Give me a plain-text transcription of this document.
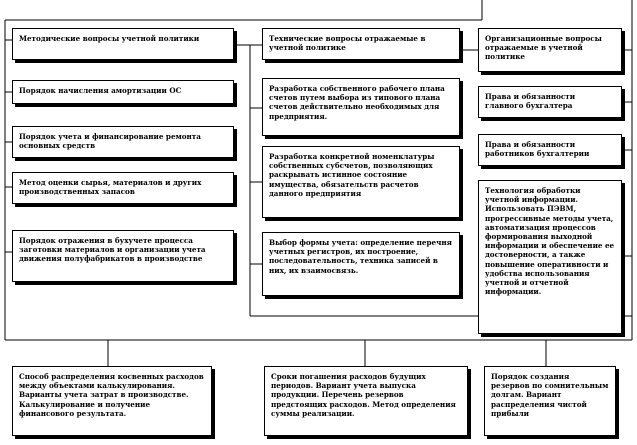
Методические вопросы учетной политики
Порядок начисления амортизации ОС
Порядок учета и финансирование ремонта основных средств
Метод оценки сырья, материалов и других производственных запасов
Порядок отражения в бухучете процесса заготовки материалов и организации учета движения полуфабрикатов в производстве
Технические вопросы отражаемые в учетной политике
Разработка собственного рабочего плана счетов путем выбора из типового плана счетов действительно необходимых для предприятия.
Разработка конкретной номенклатуры собственных субсчетов, позволяющих раскрывать истинное состояние имущества, обязательств расчетов данного предприятия
Выбор формы учета: определение перечня учетных регистров, их построение, последовательность, техника записей в них, их взаимосвязь.
Организационные вопросы отражаемые в учетной политике
Права и обязанности главного бухгалтера
Права и обязанности работников бухгалтерии
Технология обработки учетной информации. Использовать ПЭВМ, прогрессивные методы учета, автоматизация процессов формирования выходной информации и обеспечение ее достоверности, а также повышение оперативности и удобства использования учетной и отчетной информации.
Способ распределения косвенных расходов между объектами калькулирования. Варианты учета затрат в производстве. Калькулирование и получение финансового результата.
Сроки погашения расходов будущих периодов. Вариант учета выпуска продукции. Перечень резервов предстоящих расходов. Метод определения суммы реализации.
Порядок создания резервов по сомнительным долгам. Вариант распределения чистой прибыли
